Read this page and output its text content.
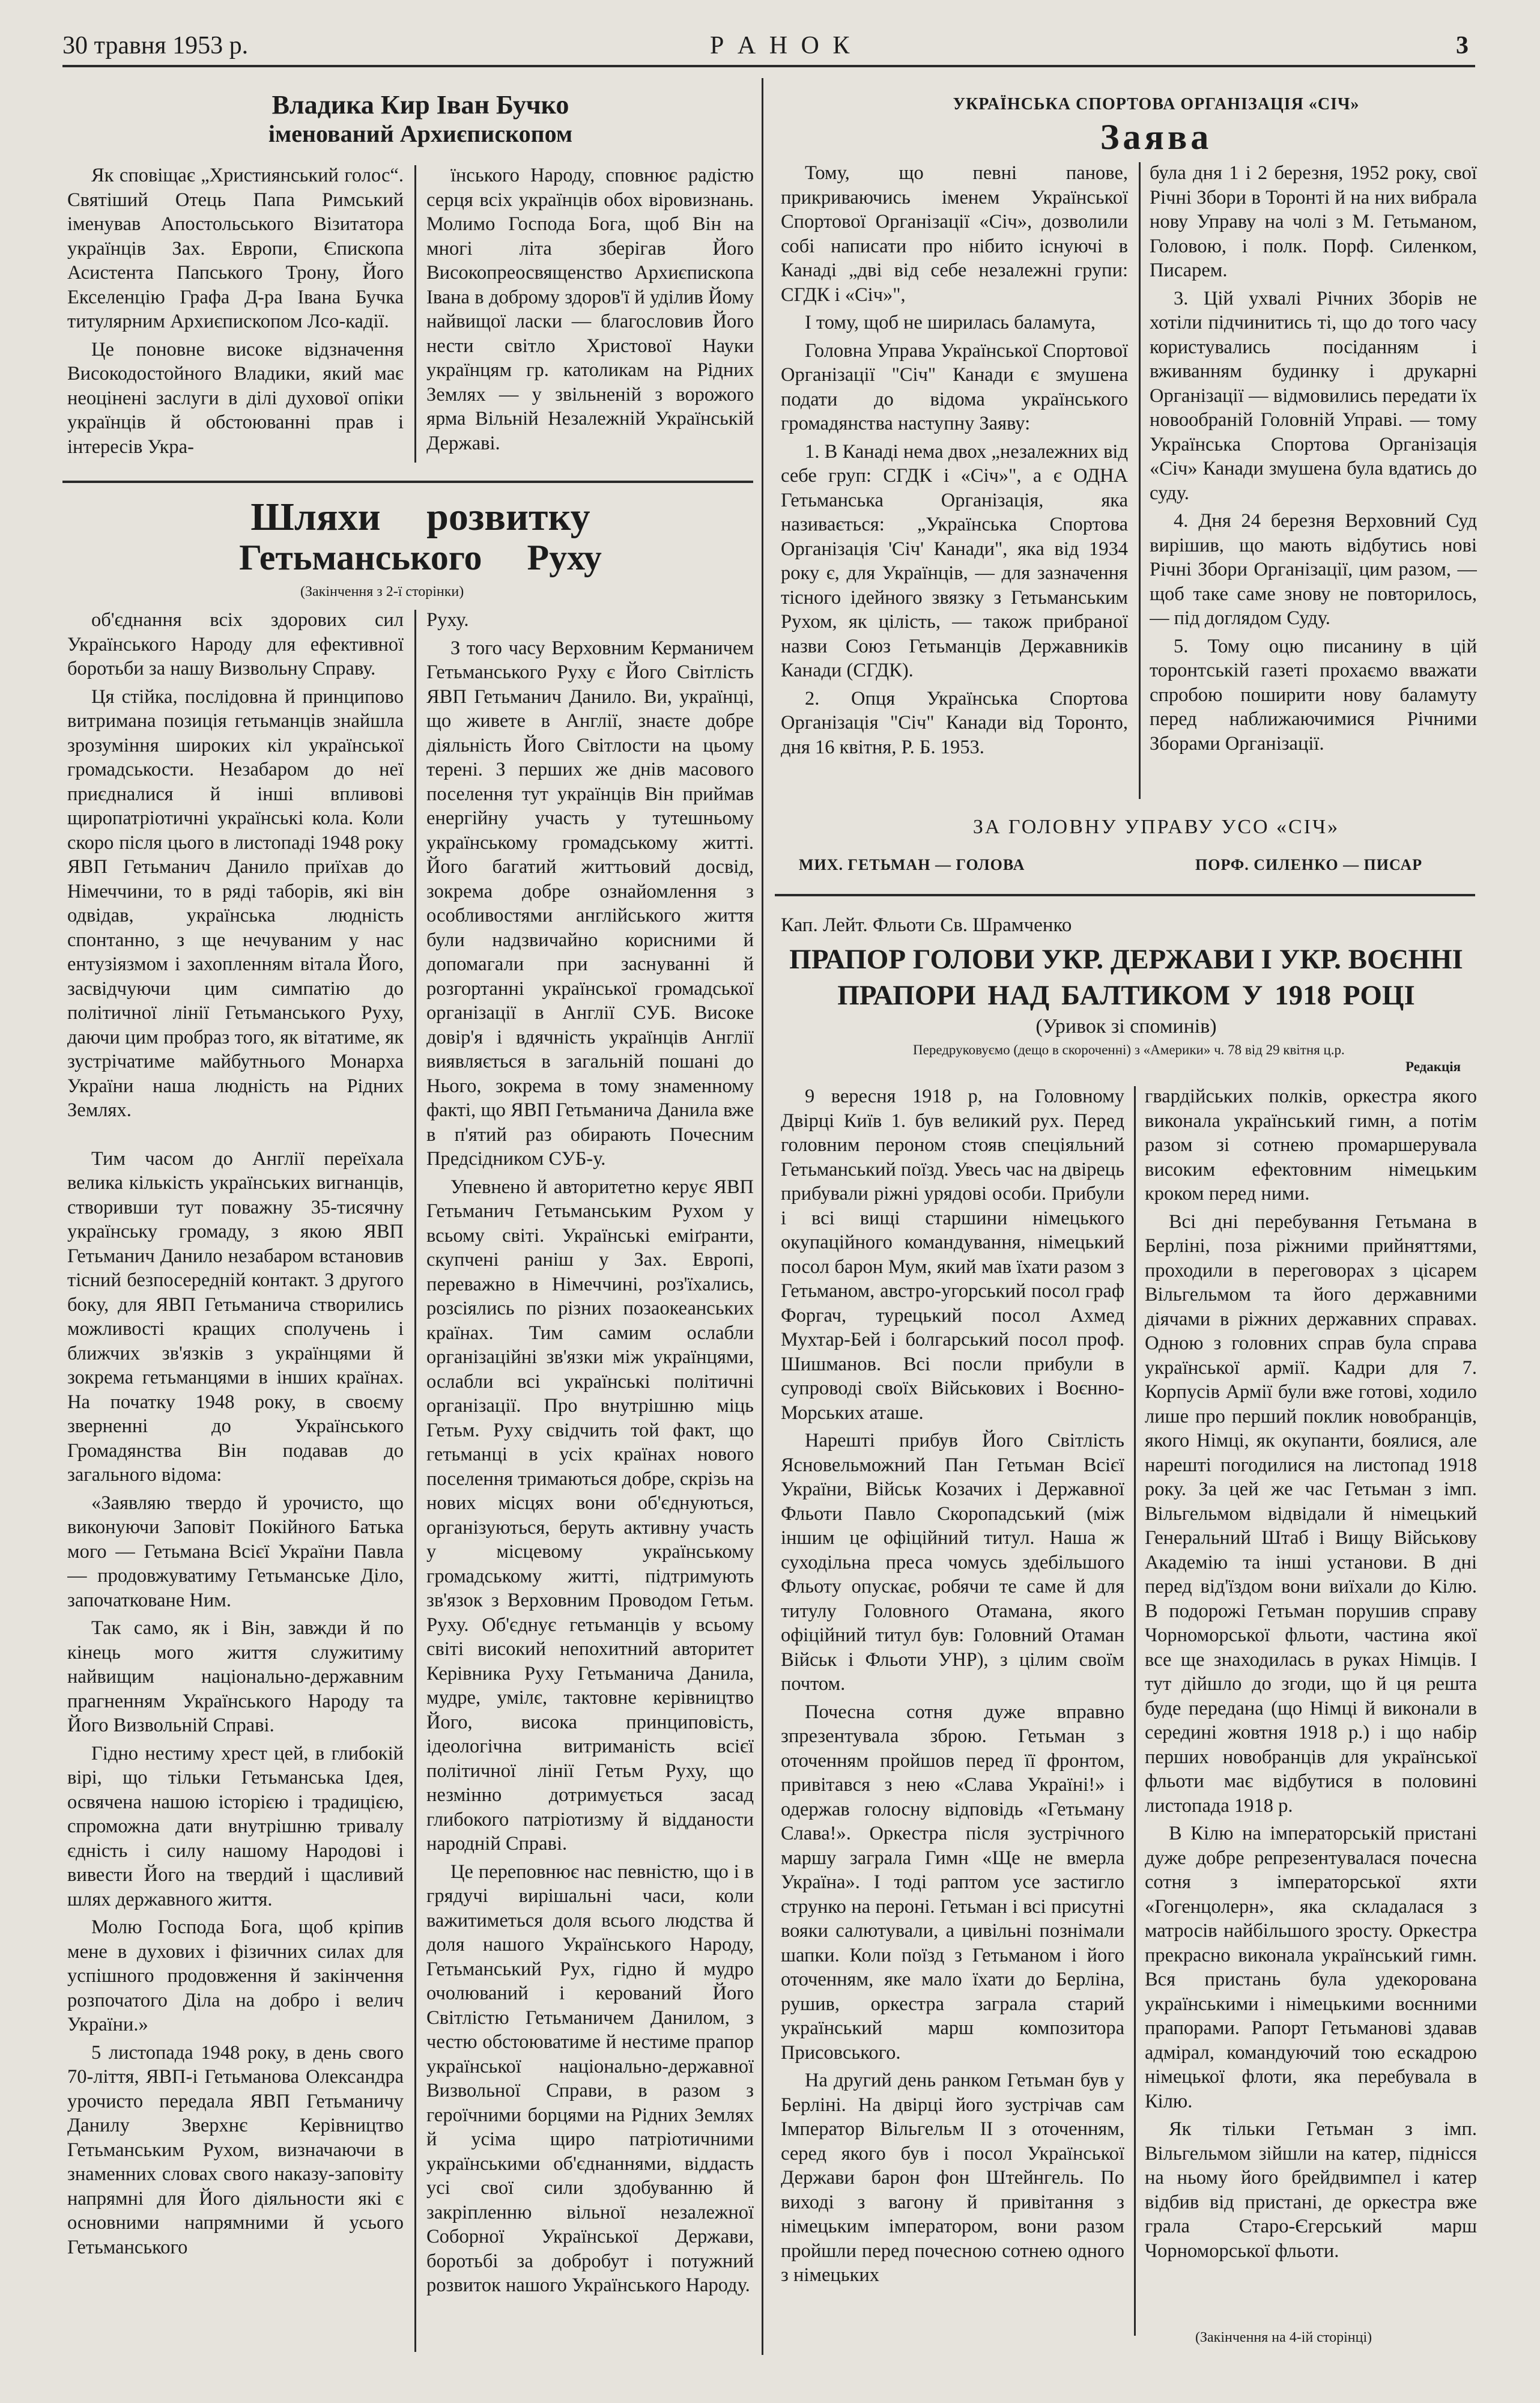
30 травня 1953 р.	Р А Н О К	3
Владика Кир Іван Бучко
іменований Архиєпископом

Як сповіщає „Християнський голос“. Святіший Отець Папа Римський іменував Апостольського Візитатора українців Зах. Европи, Єпископа Асистента Папського Трону, Його Екселенцію Графа Д-ра Івана Бучка титулярним Архиєпископом Лсо-кадії.

Це поновне високе відзначення Високодостойного Владики, який має неоцінені заслуги в ділі духової опіки українців й обстоюванні прав і інтересів Укра-

їнського Народу, сповнює радістю серця всіх українців обох віровизнань. Молимо Господа Бога, щоб Він на многі літа зберігав Його Високопреосвященство Архиєпископа Івана в доброму здоров'ї й уділив Йому найвищої ласки — благословив Його нести світло Христової Науки українцям гр. католикам на Рідних Землях — у звільненій з ворожого ярма Вільній Незалежній Українській Державі.

Шляхи розвитку
Гетьманського Руху
(Закінчення з 2-ї сторінки)

об'єднання всіх здорових сил Українського Народу для ефективної боротьби за нашу Визвольну Справу.

Ця стійка, послідовна й принципово витримана позиція гетьманців знайшла зрозуміння широких кіл української громадськости. Незабаром до неї приєдналися й інші впливові щиропатріотичні українські кола. Коли скоро після цього в листопаді 1948 року ЯВП Гетьманич Данило приїхав до Німеччини, то в ряді таборів, які він одвідав, українська людність спонтанно, з ще нечуваним у нас ентузіязмом і захопленням вітала Його, засвідчуючи цим симпатію до політичної лінії Гетьманського Руху, даючи цим пробраз того, як вітатиме, як зустрічатиме майбутнього Монарха України наша людність на Рідних Землях.

Тим часом до Англії переїхала велика кількість українських вигнанців, створивши тут поважну 35-тисячну українську громаду, з якою ЯВП Гетьманич Данило незабаром встановив тісний безпосередній контакт. З другого боку, для ЯВП Гетьманича створились можливості кращих сполучень і ближчих зв'язків з українцями й зокрема гетьманцями в інших країнах. На початку 1948 року, в своєму зверненні до Українського Громадянства Він подавав до загального відома:

«Заявляю твердо й урочисто, що виконуючи Заповіт Покійного Батька мого — Гетьмана Всієї України Павла — продовжуватиму Гетьманське Діло, започатковане Ним.

Так само, як і Він, завжди й по кінець мого життя служитиму найвищим національно-державним прагненням Українського Народу та Його Визвольній Справі.

Гідно нестиму хрест цей, в глибокій вірі, що тільки Гетьманська Ідея, освячена нашою історією і традицією, спроможна дати внутрішню тривалу єдність і силу нашому Народові і вивести Його на твердий і щасливий шлях державного життя.

Молю Господа Бога, щоб кріпив мене в духових і фізичних силах для успішного продовження й закінчення розпочатого Діла на добро і велич України.»

5 листопада 1948 року, в день свого 70-ліття, ЯВП-і Гетьманова Олександра урочисто передала ЯВП Гетьманичу Данилу Зверхнє Керівництво Гетьманським Рухом, визначаючи в знаменних словах свого наказу-заповіту напрямні для Його діяльности які є основними напрямними й усього Гетьманського

Руху.

З того часу Верховним Керманичем Гетьманського Руху є Його Світлість ЯВП Гетьманич Данило. Ви, українці, що живете в Англії, знаєте добре діяльність Його Світлости на цьому терені. З перших же днів масового поселення тут українців Він приймав енергійну участь у тутешньому українському громадському житті. Його багатий життьовий досвід, зокрема добре ознайомлення з особливостями англійського життя були надзвичайно корисними й допомагали при заснуванні й розгортанні української громадської організації в Англії СУБ. Високе довір'я і вдячність українців Англії виявляється в загальній пошані до Нього, зокрема в тому знаменному факті, що ЯВП Гетьманича Данила вже в п'ятий раз обирають Почесним Предсідником СУБ-у.

Упевнено й авторитетно керує ЯВП Гетьманич Гетьманським Рухом у всьому світі. Українські еміґранти, скупчені раніш у Зах. Европі, переважно в Німеччині, роз'їхались, розсіялись по різних позаокеанських країнах. Тим самим ослабли організаційні зв'язки між українцями, ослабли всі українські політичні організації. Про внутрішню міць Гетьм. Руху свідчить той факт, що гетьманці в усіх країнах нового поселення тримаються добре, скрізь на нових місцях вони об'єднуються, організуються, беруть активну участь у місцевому українському громадському житті, підтримують зв'язок з Верховним Проводом Гетьм. Руху. Об'єднує гетьманців у всьому світі високий непохитний авторитет Керівника Руху Гетьманича Данила, мудре, умілє, тактовне керівництво Його, висока принциповість, ідеологічна витриманість всієї політичної лінії Гетьм Руху, що незмінно дотримується засад глибокого патріотизму й відданости народній Справі.

Це переповнює нас певністю, що і в грядучі вирішальні часи, коли важитиметься доля всього людства й доля нашого Українського Народу, Гетьманський Рух, гідно й мудро очолюваний і керований Його Світлістю Гетьманичем Данилом, з честю обстоюватиме й нестиме прапор української національно-державної Визвольної Справи, в разом з героїчними борцями на Рідних Землях й усіма щиро патріотичними українськими об'єднаннями, віддасть усі свої сили здобуванню й закріпленню вільної незалежної Соборної Української Держави, боротьбі за добробут і потужний розвиток нашого Українського Народу.

УКРАЇНСЬКА СПОРТОВА ОРГАНІЗАЦІЯ «СІЧ»
Заява

Тому, що певні панове, прикриваючись іменем Української Спортової Організації «Січ», дозволили собі написати про нібито існуючі в Канаді „дві від себе незалежні групи: СГДК і «Січ»",

І тому, щоб не ширилась баламута,

Головна Управа Української Спортової Організації "Січ" Канади є змушена подати до відома українського громадянства наступну Заяву:

1. В Канаді нема двох „незалежних від себе груп: СГДК і «Січ»", а є ОДНА Гетьманська Організація, яка називається: „Українська Спортова Організація 'Січ' Канади", яка від 1934 року є, для Українців, — для зазначення тісного ідейного звязку з Гетьманським Рухом, як цілість, — також прибраної назви Союз Гетьманців Державників Канади (СГДК).

2. Опця Українська Спортова Організація "Січ" Канади від Торонто, дня 16 квітня, Р. Б. 1953.

була дня 1 і 2 березня, 1952 року, свої Річні Збори в Торонті й на них вибрала нову Управу на чолі з М. Гетьманом, Головою, і полк. Порф. Силенком, Писарем.

3. Цій ухвалі Річних Зборів не хотіли підчинитись ті, що до того часу користувались посіданням і вживанням будинку і друкарні Організації — відмовились передати їх новообраній Головній Управі. — тому Українська Спортова Організація «Січ» Канади змушена була вдатись до суду.

4. Дня 24 березня Верховний Суд вирішив, що мають відбутись нові Річні Збори Організації, цим разом, — щоб таке саме знову не повторилось, — під доглядом Суду.

5. Тому оцю писанину в цій торонтській газеті прохаємо вважати спробою поширити нову баламуту перед наближаючимися Річними Зборами Організації.

ЗА ГОЛОВНУ УПРАВУ УСО «СІЧ»
МИХ. ГЕТЬМАН — ГОЛОВА	ПОРФ. СИЛЕНКО — ПИСАР
Кап. Лейт. Фльоти Св. Шрамченко
ПРАПОР ГОЛОВИ УКР. ДЕРЖАВИ І УКР. ВОЄННІ
ПРАПОРИ НАД БАЛТИКОМ У 1918 РОЦІ
(Уривок зі споминів)
Передруковуємо (дещо в скороченні) з «Америки» ч. 78 від 29 квітня ц.р.
Редакція

9 вересня 1918 р, на Головному Двірці Київ 1. був великий рух. Перед головним пероном стояв спеціяльний Гетьманський поїзд. Увесь час на двірець прибували ріжні урядові особи. Прибули і всі вищі старшини німецького окупаційного командування, німецький посол барон Мум, який мав їхати разом з Гетьманом, австро-угорський посол граф Форгач, турецький посол Ахмед Мухтар-Бей і болгарський посол проф. Шишманов. Всі посли прибули в супроводі своїх Військових і Воєнно-Морських аташе.

Нарешті прибув Його Світлість Ясновельможний Пан Гетьман Всієї України, Військ Козачих і Державної Фльоти Павло Скоропадський (між іншим це офіційний титул. Наша ж суходільна преса чомусь здебільшого Фльоту опускає, робячи те саме й для титулу Головного Отамана, якого офіційний титул був: Головний Отаман Військ і Фльоти УНР), з цілим своїм почтом.

Почесна сотня дуже вправно зпрезентувала зброю. Гетьман з оточенням пройшов перед її фронтом, привітався з нею «Слава Україні!» і одержав голосну відповідь «Гетьману Слава!». Оркестра після зустрічного маршу заграла Гимн «Ще не вмерла Україна». І тоді раптом усе застигло струнко на пероні. Гетьман і всі присутні вояки салютували, а цивільні познімали шапки. Коли поїзд з Гетьманом і його оточенням, яке мало їхати до Берліна, рушив, оркестра заграла старий український марш композитора Присовського.

На другий день ранком Гетьман був у Берліні. На двірці його зустрічав сам Імператор Вільгельм II з оточенням, серед якого був і посол Української Держави барон фон Штейнгель. По виході з вагону й привітання з німецьким імператором, вони разом пройшли перед почесною сотнею одного з німецьких

гвардійських полків, оркестра якого виконала український гимн, а потім разом зі сотнею промаршерувала високим ефектовним німецьким кроком перед ними.

Всі дні перебування Гетьмана в Берліні, поза ріжними прийняттями, проходили в переговорах з цісарем Вільгельмом та його державними діячами в ріжних державних справах. Одною з головних справ була справа української армії. Кадри для 7. Корпусів Армії були вже готові, ходило лише про перший поклик новобранців, якого Німці, як окупанти, боялися, але нарешті погодилися на листопад 1918 року. За цей же час Гетьман з імп. Вільгельмом відвідали й німецький Генеральний Штаб і Вищу Військову Академію та інші установи. В дні перед від'їздом вони виїхали до Кілю. В подорожі Гетьман порушив справу Чорноморської фльоти, частина якої все ще знаходилась в руках Німців. І тут дійшло до згоди, що й ця решта буде передана (що Німці й виконали в середині жовтня 1918 р.) і що набір перших новобранців для української фльоти має відбутися в половині листопада 1918 р.

В Кілю на імператорській пристані дуже добре репрезентувалася почесна сотня з імператорської яхти «Гогенцолерн», яка складалася з матросів найбільшого зросту. Оркестра прекрасно виконала український гимн. Вся пристань була удекорована українськими і німецькими воєнними прапорами. Рапорт Гетьманові здавав адмірал, командуючий тою ескадрою німецької флоти, яка перебувала в Кілю.

Як тільки Гетьман з імп. Вільгельмом зійшли на катер, піднісся на ньому його брейдвимпел і катер відбив від пристані, де оркестра вже грала Старо-Єгерський марш Чорноморської фльоти.

(Закінчення на 4-ій сторінці)
